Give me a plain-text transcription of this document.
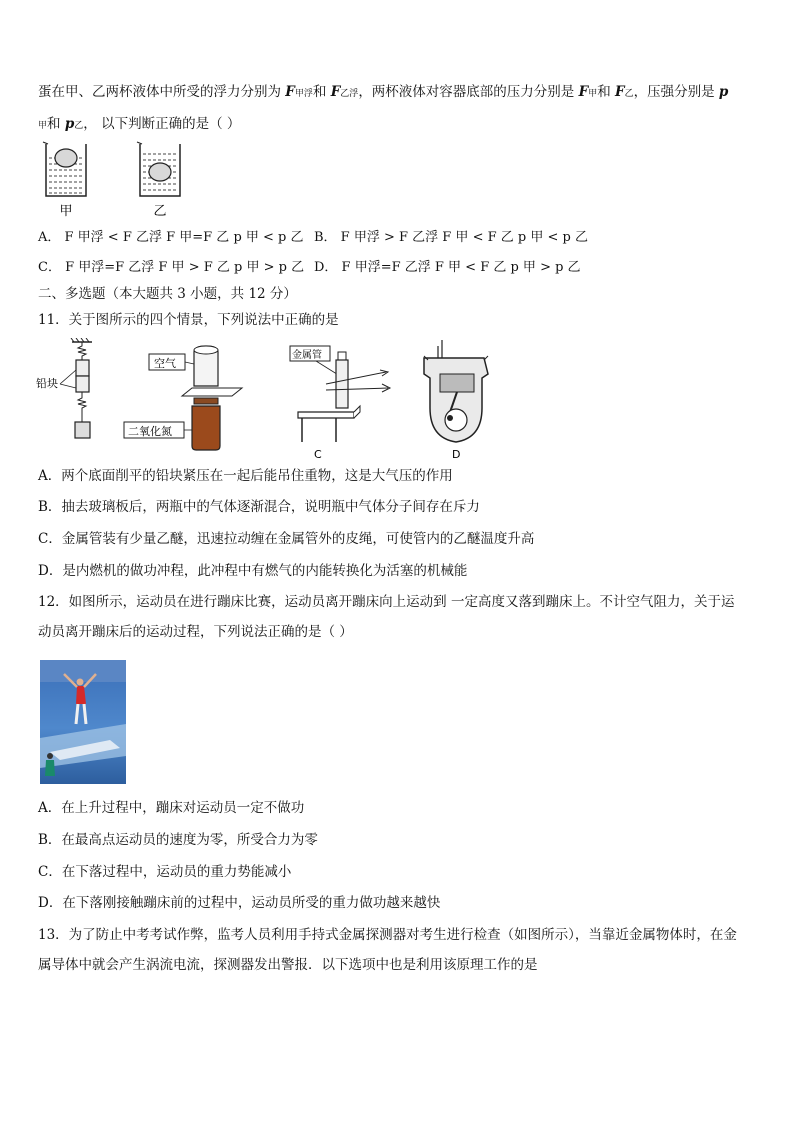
蛋在甲、乙两杯液体中所受的浮力分别为 F甲浮和 F乙浮，两杯液体对容器底部的压力分别是 F甲和 F乙，压强分别是 p
甲和 p乙， 以下判断正确的是（ ）
甲	乙
A． F 甲浮 < F 乙浮 F 甲=F 乙 p 甲 < p 乙 B． F 甲浮 > F 乙浮 F 甲 < F 乙 p 甲 < p 乙
C． F 甲浮=F 乙浮 F 甲 > F 乙 p 甲 > p 乙 D． F 甲浮=F 乙浮 F 甲 < F 乙 p 甲 > p 乙
二、多选题（本大题共 3 小题，共 12 分）
11．关于图所示的四个情景，下列说法中正确的是
铅块
空气
二氧化氮
金属管
C	D
A．两个底面削平的铅块紧压在一起后能吊住重物，这是大气压的作用
B．抽去玻璃板后，两瓶中的气体逐渐混合，说明瓶中气体分子间存在斥力
C．金属管装有少量乙醚，迅速拉动缠在金属管外的皮绳，可使管内的乙醚温度升高
D．是内燃机的做功冲程，此冲程中有燃气的内能转换化为活塞的机械能
12．如图所示，运动员在进行蹦床比赛，运动员离开蹦床向上运动到 一定高度又落到蹦床上。不计空气阻力，关于运
动员离开蹦床后的运动过程，下列说法正确的是（ ）
A．在上升过程中，蹦床对运动员一定不做功
B．在最高点运动员的速度为零，所受合力为零
C．在下落过程中，运动员的重力势能减小
D．在下落刚接触蹦床前的过程中，运动员所受的重力做功越来越快
13．为了防止中考考试作弊，监考人员利用手持式金属探测器对考生进行检查（如图所示），当靠近金属物体时，在金
属导体中就会产生涡流电流，探测器发出警报．以下选项中也是利用该原理工作的是
